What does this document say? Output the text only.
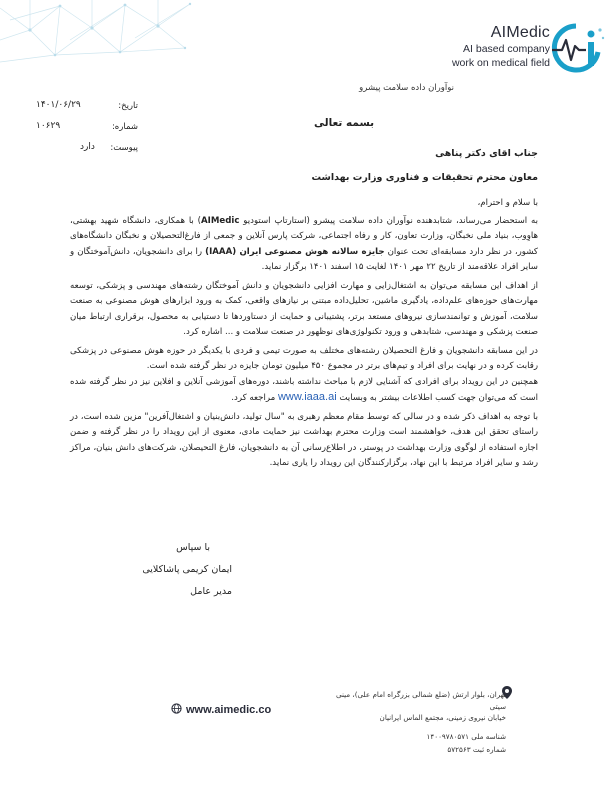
AIMedic
AI based company
work on medical field
نوآوران داده سلامت پیشرو
بسمه تعالی
تاریخ:
۱۴۰۱/۰۶/۲۹
شماره:
۱۰۶۲۹
پیوست:
دارد
جناب اقای دکتر پناهی
معاون محترم تحقیقات و فناوری وزارت بهداشت

با سلام و احترام،

به استحضار می‌رساند، شتابدهنده نوآوران داده سلامت پیشرو (استارتاپ استودیو AIMedic) با همکاری، دانشگاه شهید بهشتی، هاوِوب، بنیاد ملی نخبگان، وزارت تعاون، کار و رفاه اجتماعی، شرکت پارس آنلاین و جمعی از فارغ‌التحصیلان و نخبگان دانشگاه‌های کشور، در نظر دارد مسابقه‌ای تحت عنوان جایزه سالانه هوش مصنوعی ایران (IAAA) را برای دانشجویان، دانش‌آموختگان و سایر افراد علاقه‌مند از تاریخ ۲۲ مهر ۱۴۰۱ لغایت ۱۵ اسفند ۱۴۰۱ برگزار نماید.

از اهداف این مسابقه می‌توان به اشتغال‌زایی و مهارت افزایی دانشجویان و دانش آموختگان رشته‌های مهندسی و پزشکی، توسعه مهارت‌های حوزه‌های علم‌داده، یادگیری ماشین، تحلیل‌داده مبتنی بر نیازهای واقعی، کمک به ورود ابزارهای هوش مصنوعی به صنعت سلامت، آموزش و توانمندسازی نیروهای مستعد برتر، پشتیبانی و حمایت از دستاوردها تا دستیابی به محصول، برقراری ارتباط میان صنعت پزشکی و مهندسی، شتابدهی و ورود تکنولوژی‌های نوظهور در صنعت سلامت و ... اشاره کرد.

در این مسابقه دانشجویان و فارغ التحصیلان رشته‌های مختلف به صورت تیمی و فردی با یکدیگر در حوزه هوش مصنوعی در پزشکی رقابت کرده و در نهایت برای افراد و تیم‌های برتر در مجموع ۴۵۰ میلیون تومان جایزه در نظر گرفته شده است.

همچنین در این رویداد برای افرادی که آشنایی لازم با مباحث نداشته باشند، دوره‌های آموزشی آنلاین و افلاین نیز در نظر گرفته شده است که می‌توان جهت کسب اطلاعات بیشتر به وبسایت www.iaaa.ai مراجعه کرد.

با توجه به اهداف ذکر شده و در سالی که توسط مقام معظم رهبری به "سال تولید، دانش‌بنیان و اشتغال‌آفرین" مزین شده است، در راستای تحقق این هدف، خواهشمند است وزارت محترم بهداشت نیز حمایت مادی، معنوی از این رویداد را در نظر گرفته و ضمن اجازه استفاده از لوگوی وزارت بهداشت در پوستر، در اطلاع‌رسانی آن به دانشجویان، فارغ التحیصلان، شرکت‌های دانش بنیان، مراکز رشد و سایر افراد مرتبط با این نهاد، برگزارکنندگان این رویداد را یاری نماید.

با سپاس
ایمان کریمی پاشاکلایی
مدیر عامل
www.aimedic.co
تهران، بلوار ارتش (ضلع شمالی بزرگراه امام علی)، مینی سیتی
خیابان نیروی زمینی، مجتمع الماس ایرانیان
شناسه ملی ۱۴۰۰۹۷۸۰۵۷۱
شماره ثبت ۵۷۲۵۶۳
